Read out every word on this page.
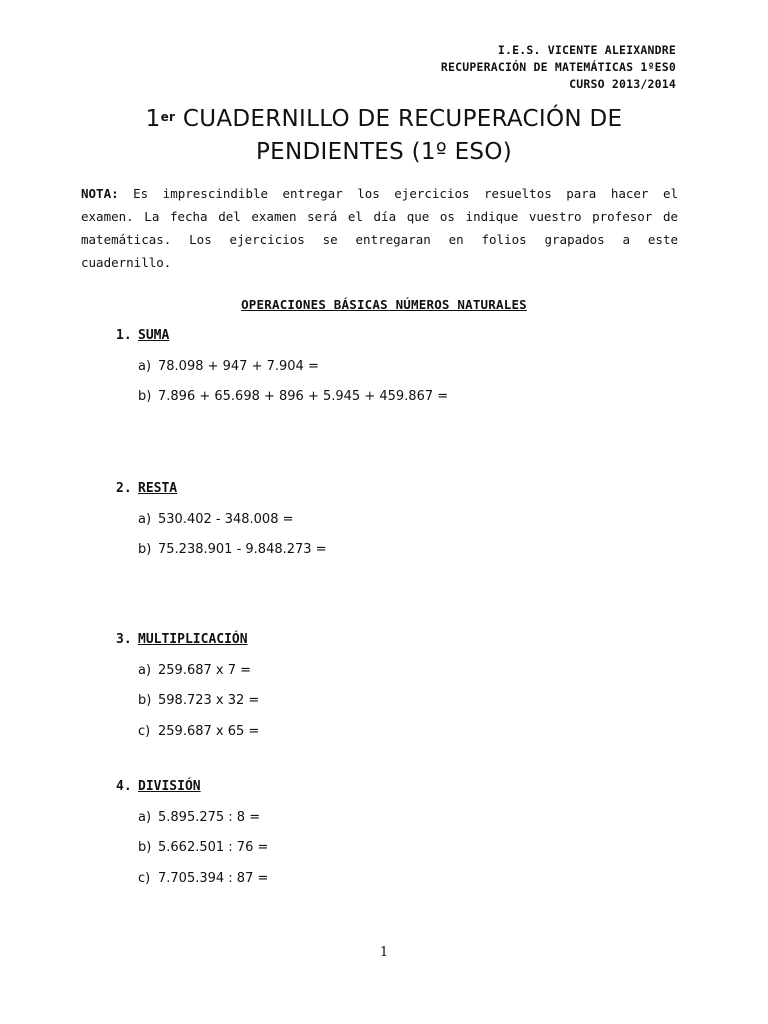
I.E.S. VICENTE ALEIXANDRE
RECUPERACIÓN DE MATEMÁTICAS 1ºES0
CURSO 2013/2014
1er CUADERNILLO DE RECUPERACIÓN DE
PENDIENTES (1º ESO)
NOTA: Es imprescindible entregar los ejercicios resueltos para hacer el examen. La fecha del examen será el día que os indique vuestro profesor de matemáticas. Los ejercicios se entregaran en folios grapados a este cuadernillo.
OPERACIONES BÁSICAS NÚMEROS NATURALES
1. SUMA
a) 78.098 + 947 + 7.904 =
b) 7.896 + 65.698 + 896 + 5.945 + 459.867 =
2. RESTA
a) 530.402 - 348.008 =
b) 75.238.901 - 9.848.273 =
3. MULTIPLICACIÓN
a) 259.687 x 7 =
b) 598.723 x 32 =
c) 259.687 x 65 =
4. DIVISIÓN
a) 5.895.275 : 8 =
b) 5.662.501 : 76 =
c) 7.705.394 : 87 =
1
